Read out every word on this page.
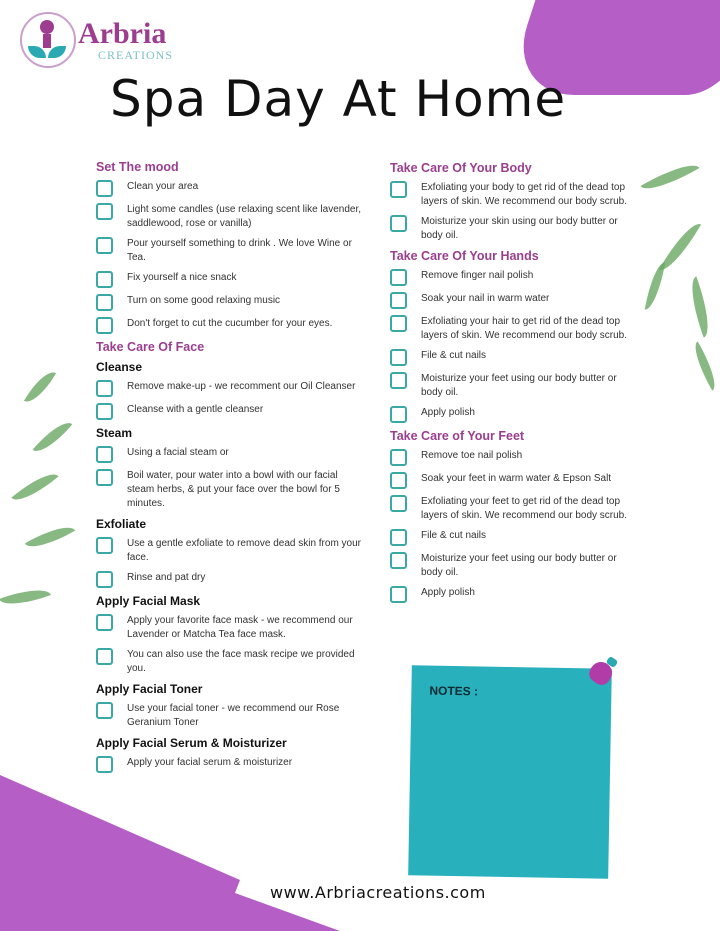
Arbria
CREATIONS
Spa Day At Home
Set The mood
Clean your area
Light some candles (use relaxing scent like lavender, saddlewood, rose or vanilla)
Pour yourself something to drink . We love Wine or Tea.
Fix yourself a nice snack
Turn on some good relaxing music
Don't forget to cut the cucumber for your eyes.
Take Care Of Face
Cleanse
Remove make-up - we recomment our Oil Cleanser
Cleanse with a gentle cleanser
Steam
Using a facial steam or
Boil water, pour water into a bowl with our facial steam herbs, & put your face over the bowl for 5 minutes.
Exfoliate
Use a gentle exfoliate to remove dead skin from your face.
Rinse and pat dry
Apply Facial Mask
Apply your favorite face mask - we recommend our Lavender or Matcha Tea face mask.
You can also use the face mask recipe we provided you.
Apply Facial Toner
Use your facial toner - we recommend our Rose Geranium Toner
Apply Facial Serum & Moisturizer
Apply your facial serum & moisturizer
Take Care Of Your Body
Exfoliating your body to get rid of the dead top layers of skin. We recommend our body scrub.
Moisturize your skin using our body butter or body oil.
Take Care Of Your Hands
Remove finger nail polish
Soak your nail in warm water
Exfoliating your hair to get rid of the dead top layers of skin. We recommend our body scrub.
File & cut nails
Moisturize your feet using our body butter or body oil.
Apply polish
Take Care of Your Feet
Remove toe nail polish
Soak your feet in warm water & Epson Salt
Exfoliating your feet to get rid of the dead top layers of skin. We recommend our body scrub.
File & cut nails
Moisturize your feet using our body butter or body oil.
Apply polish
NOTES :
www.Arbriacreations.com
